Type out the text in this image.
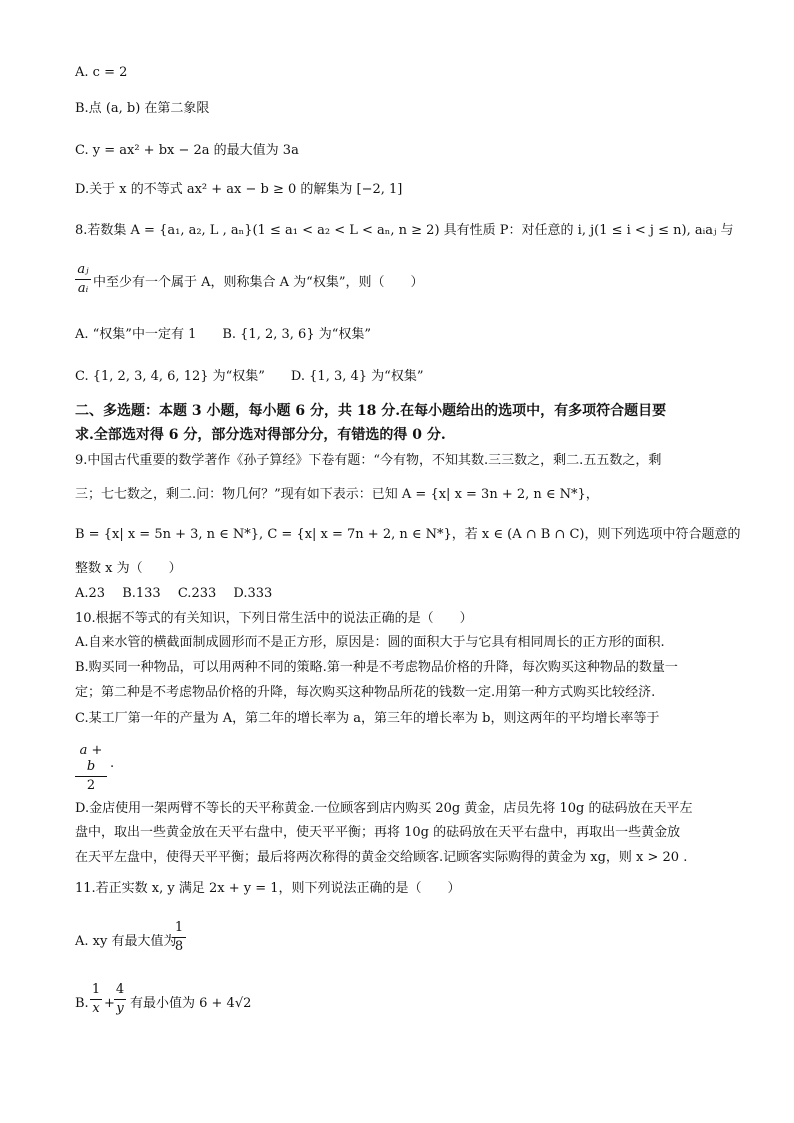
A. c = 2
B.点 (a, b) 在第二象限
C. y = ax² + bx − 2a 的最大值为 3a
D.关于 x 的不等式 ax² + ax − b ≥ 0 的解集为 [−2, 1]
8.若数集 A = {a₁, a₂, L , aₙ}(1 ≤ a₁ < a₂ < L < aₙ, n ≥ 2) 具有性质 P：对任意的 i, j(1 ≤ i < j ≤ n), aᵢaⱼ 与
aⱼ
aᵢ 中至少有一个属于 A，则称集合 A 为“权集”，则（　　）
A. “权集”中一定有 1　　B. {1, 2, 3, 6} 为“权集”
C. {1, 2, 3, 4, 6, 12} 为“权集”　　D. {1, 3, 4} 为“权集”
二、多选题：本题 3 小题，每小题 6 分，共 18 分.在每小题给出的选项中，有多项符合题目要
求.全部选对得 6 分，部分选对得部分分，有错选的得 0 分.
9.中国古代重要的数学著作《孙子算经》下卷有题：“今有物，不知其数.三三数之，剩二.五五数之，剩
三；七七数之，剩二.问：物几何？”现有如下表示：已知 A = {x| x = 3n + 2, n ∈ N*}，
B = {x| x = 5n + 3, n ∈ N*}, C = {x| x = 7n + 2, n ∈ N*}，若 x ∈ (A ∩ B ∩ C)，则下列选项中符合题意的
整数 x 为（　　）
A.23　 B.133　 C.233　 D.333
10.根据不等式的有关知识，下列日常生活中的说法正确的是（　　）
A.自来水管的横截面制成圆形而不是正方形，原因是：圆的面积大于与它具有相同周长的正方形的面积.
B.购买同一种物品，可以用两种不同的策略.第一种是不考虑物品价格的升降，每次购买这种物品的数量一
定；第二种是不考虑物品价格的升降，每次购买这种物品所花的钱数一定.用第一种方式购买比较经济.
C.某工厂第一年的产量为 A，第二年的增长率为 a，第三年的增长率为 b，则这两年的平均增长率等于
a + b
2
.
D.金店使用一架两臂不等长的天平称黄金.一位顾客到店内购买 20g 黄金，店员先将 10g 的砝码放在天平左
盘中，取出一些黄金放在天平右盘中，使天平平衡；再将 10g 的砝码放在天平右盘中，再取出一些黄金放
在天平左盘中，使得天平平衡；最后将两次称得的黄金交给顾客.记顾客实际购得的黄金为 xg，则 x > 20 .
11.若正实数 x, y 满足 2x + y = 1，则下列说法正确的是（　　）
A. xy 有最大值为
1
8
B.
1
x +
4
y 有最小值为 6 + 4√2
